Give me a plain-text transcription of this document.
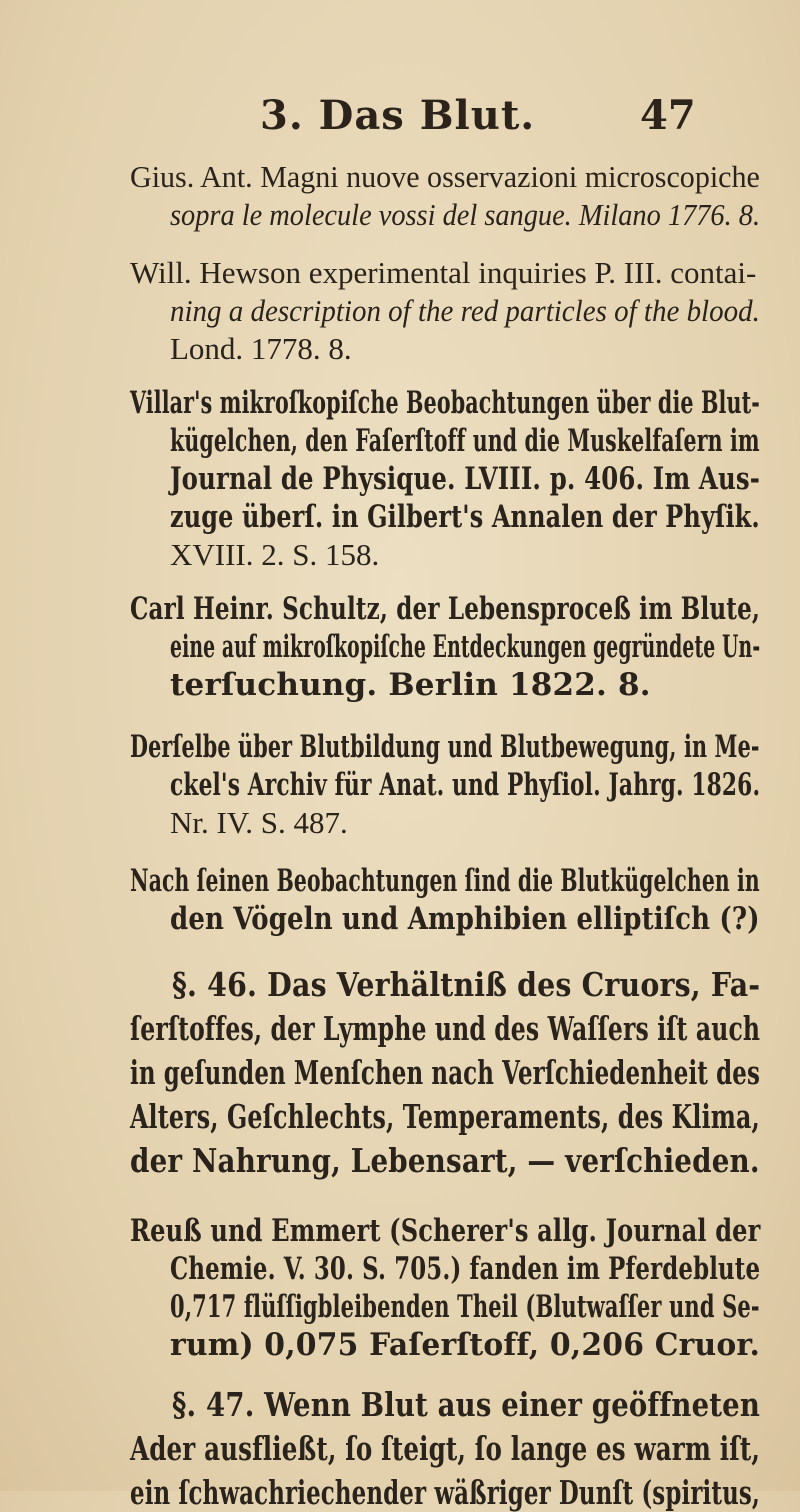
3. Das Blut.	47
Gius. Ant. Magni nuove osservazioni microscopiche
sopra le molecule vossi del sangue. Milano 1776. 8.
Will. Hewson experimental inquiries P. III. contai-
ning a description of the red particles of the blood.
Lond. 1778. 8.
Villar's mikroſkopiſche Beobachtungen über die Blut-
kügelchen, den Faſerſtoff und die Muskelfaſern im
Journal de Physique. LVIII. p. 406. Im Aus-
zuge überſ. in Gilbert's Annalen der Phyſik.
XVIII. 2. S. 158.
Carl Heinr. Schultz, der Lebensproceß im Blute,
eine auf mikroſkopiſche Entdeckungen gegründete Un-
terſuchung. Berlin 1822. 8.
Derſelbe über Blutbildung und Blutbewegung, in Me-
ckel's Archiv für Anat. und Phyſiol. Jahrg. 1826.
Nr. IV. S. 487.
Nach ſeinen Beobachtungen ſind die Blutkügelchen in
den Vögeln und Amphibien elliptiſch (?)
§. 46. Das Verhältniß des Cruors, Fa-
ſerſtoffes, der Lymphe und des Waſſers iſt auch
in geſunden Menſchen nach Verſchiedenheit des
Alters, Geſchlechts, Temperaments, des Klima,
der Nahrung, Lebensart, — verſchieden.
Reuß und Emmert (Scherer's allg. Journal der
Chemie. V. 30. S. 705.) fanden im Pferdeblute
0,717 flüſſigbleibenden Theil (Blutwaſſer und Se-
rum) 0,075 Faſerſtoff, 0,206 Cruor.
§. 47. Wenn Blut aus einer geöffneten
Ader ausfließt, ſo ſteigt, ſo lange es warm iſt,
ein ſchwachriechender wäßriger Dunſt (spiritus,
